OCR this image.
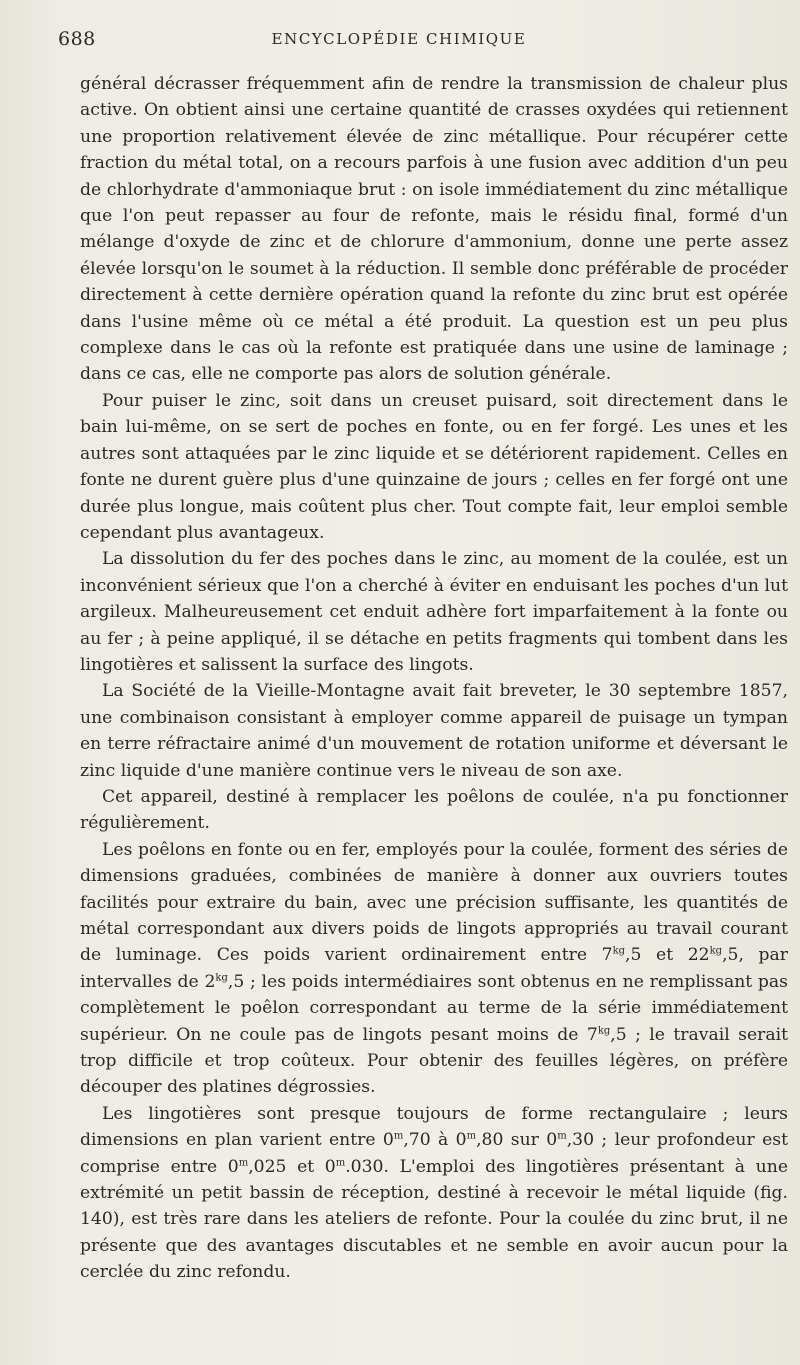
688	ENCYCLOPÉDIE CHIMIQUE

général décrasser fréquemment afin de rendre la transmission de chaleur plus active. On obtient ainsi une certaine quantité de crasses oxydées qui retiennent une proportion relativement élevée de zinc métallique. Pour récupérer cette fraction du métal total, on a recours parfois à une fusion avec addition d'un peu de chlorhydrate d'ammoniaque brut : on isole immédiatement du zinc métallique que l'on peut repasser au four de refonte, mais le résidu final, formé d'un mélange d'oxyde de zinc et de chlorure d'ammonium, donne une perte assez élevée lorsqu'on le soumet à la réduction. Il semble donc préférable de procéder directement à cette dernière opération quand la refonte du zinc brut est opérée dans l'usine même où ce métal a été produit. La question est un peu plus complexe dans le cas où la refonte est pratiquée dans une usine de laminage ; dans ce cas, elle ne comporte pas alors de solution générale.

Pour puiser le zinc, soit dans un creuset puisard, soit directement dans le bain lui-même, on se sert de poches en fonte, ou en fer forgé. Les unes et les autres sont attaquées par le zinc liquide et se détériorent rapidement. Celles en fonte ne durent guère plus d'une quinzaine de jours ; celles en fer forgé ont une durée plus longue, mais coûtent plus cher. Tout compte fait, leur emploi semble cependant plus avantageux.

La dissolution du fer des poches dans le zinc, au moment de la coulée, est un inconvénient sérieux que l'on a cherché à éviter en enduisant les poches d'un lut argileux. Malheureusement cet enduit adhère fort imparfaitement à la fonte ou au fer ; à peine appliqué, il se détache en petits fragments qui tombent dans les lingotières et salissent la surface des lingots.

La Société de la Vieille-Montagne avait fait breveter, le 30 septembre 1857, une combinaison consistant à employer comme appareil de puisage un tympan en terre réfractaire animé d'un mouvement de rotation uniforme et déversant le zinc liquide d'une manière continue vers le niveau de son axe.

Cet appareil, destiné à remplacer les poêlons de coulée, n'a pu fonctionner régulièrement.

Les poêlons en fonte ou en fer, employés pour la coulée, forment des séries de dimensions graduées, combinées de manière à donner aux ouvriers toutes facilités pour extraire du bain, avec une précision suffisante, les quantités de métal correspondant aux divers poids de lingots appropriés au travail courant de luminage. Ces poids varient ordinairement entre $7^{kg},5$ et $22^{kg},5$, par intervalles de $2^{kg},5$ ; les poids intermédiaires sont obtenus en ne remplissant pas complètement le poêlon correspondant au terme de la série immédiatement supérieur. On ne coule pas de lingots pesant moins de $7^{kg},5$ ; le travail serait trop difficile et trop coûteux. Pour obtenir des feuilles légères, on préfère découper des platines dégrossies.

Les lingotières sont presque toujours de forme rectangulaire ; leurs dimensions en plan varient entre 0$^m$,70 à 0$^m$,80 sur 0$^m$,30 ; leur profondeur est comprise entre 0$^m$,025 et 0$^m$.030. L'emploi des lingotières présentant à une extrémité un petit bassin de réception, destiné à recevoir le métal liquide (fig. 140), est très rare dans les ateliers de refonte. Pour la coulée du zinc brut, il ne présente que des avantages discutables et ne semble en avoir aucun pour la cerclée du zinc refondu.
